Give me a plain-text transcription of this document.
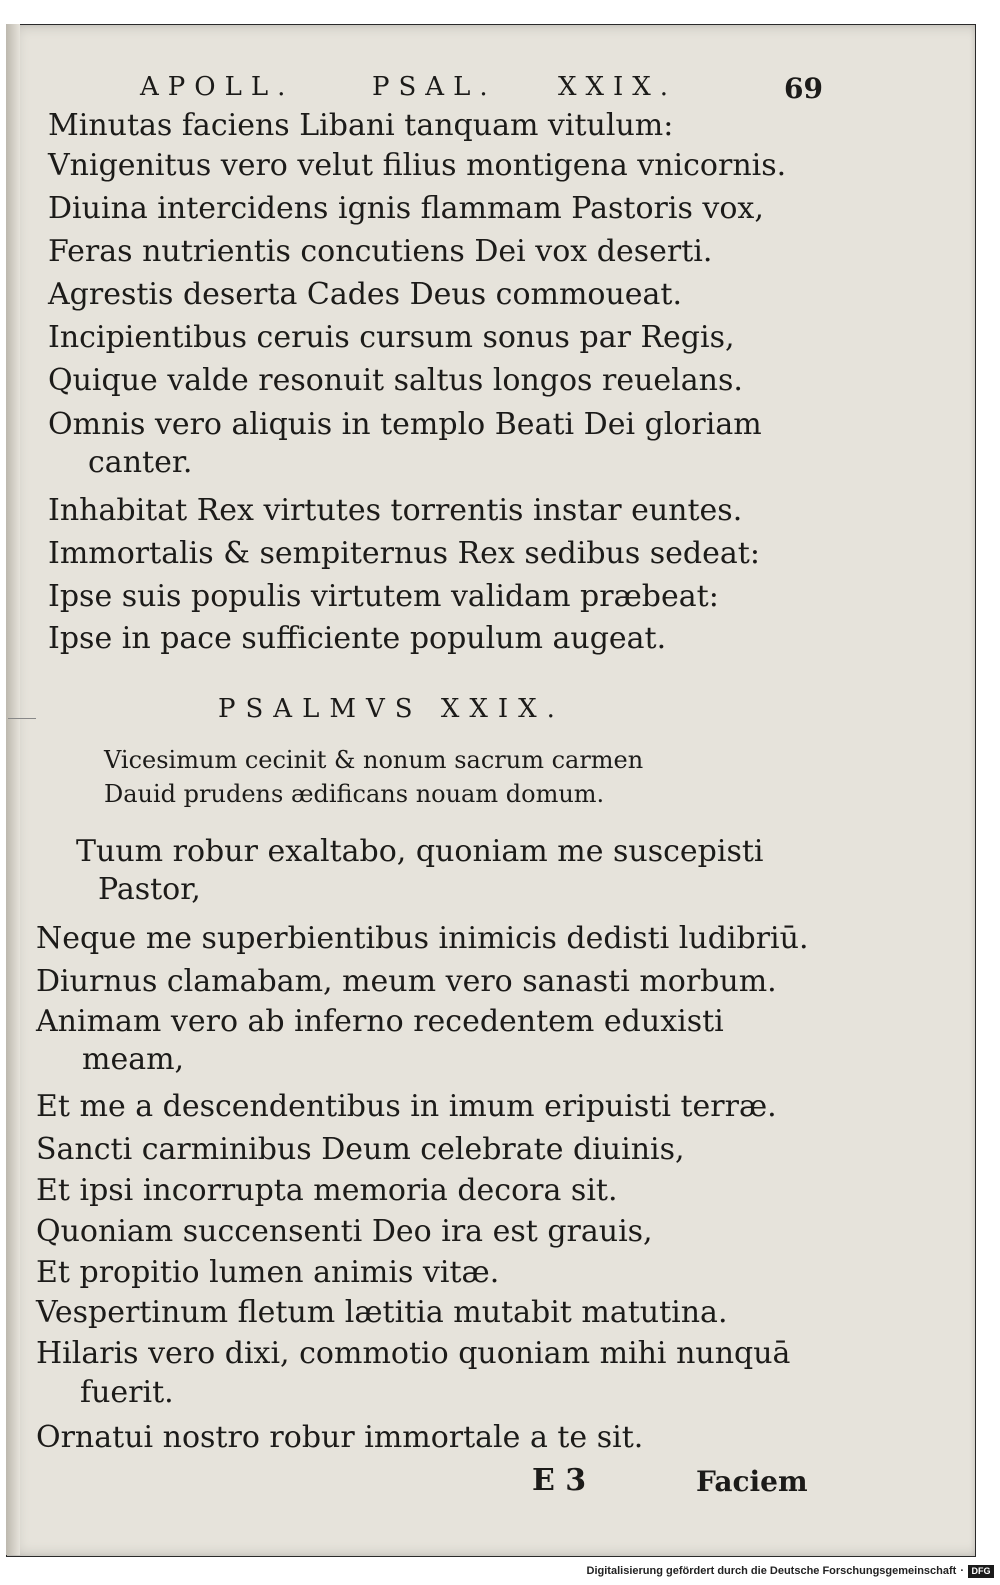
APOLL.	PSAL. XXIX.	69
Minutas faciens Libani tanquam vitulum:
Vnigenitus vero velut filius montigena vnicornis.
Diuina intercidens ignis flammam Pastoris vox,
Feras nutrientis concutiens Dei vox deserti.
Agrestis deserta Cades Deus commoueat.
Incipientibus ceruis cursum sonus par Regis,
Quique valde resonuit saltus longos reuelans.
Omnis vero aliquis in templo Beati Dei gloriam
canter.
Inhabitat Rex virtutes torrentis instar euntes.
Immortalis & sempiternus Rex sedibus sedeat:
Ipse suis populis virtutem validam præbeat:
Ipse in pace sufficiente populum augeat.
PSALMVS XXIX.
Vicesimum cecinit & nonum sacrum carmen
Dauid prudens ædificans nouam domum.
Tuum robur exaltabo, quoniam me suscepisti
Pastor,
Neque me superbientibus inimicis dedisti ludibriū.
Diurnus clamabam, meum vero sanasti morbum.
Animam vero ab inferno recedentem eduxisti
meam,
Et me a descendentibus in imum eripuisti terræ.
Sancti carminibus Deum celebrate diuinis,
Et ipsi incorrupta memoria decora sit.
Quoniam succensenti Deo ira est grauis,
Et propitio lumen animis vitæ.
Vespertinum fletum lætitia mutabit matutina.
Hilaris vero dixi, commotio quoniam mihi nunquā
fuerit.
Ornatui nostro robur immortale a te sit.
E 3	Faciem
Digitalisierung gefördert durch die Deutsche Forschungsgemeinschaft · DFG
